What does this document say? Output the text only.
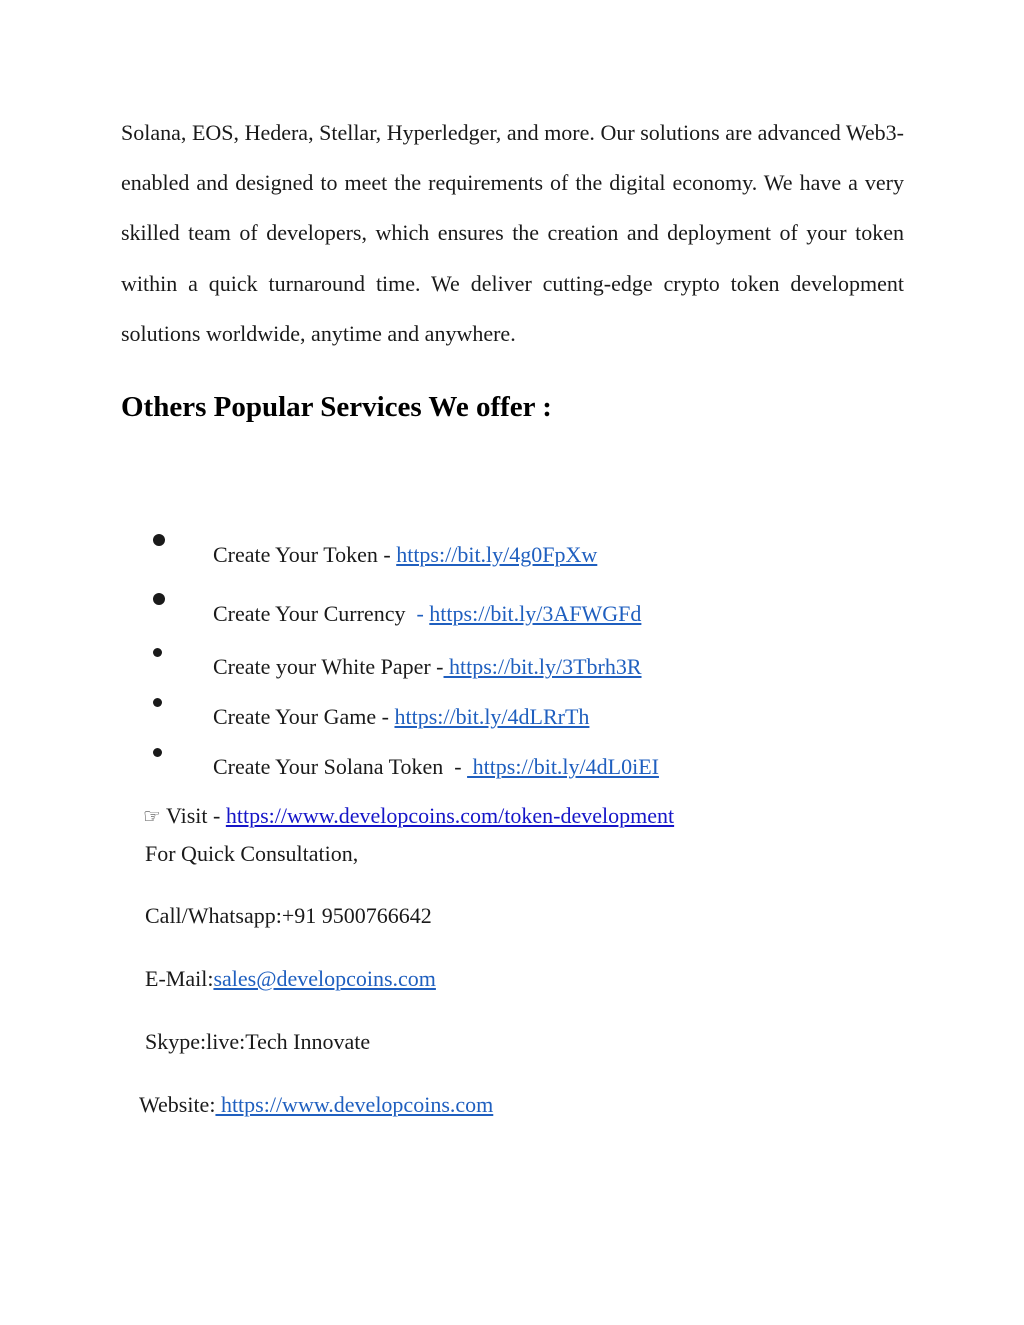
Solana, EOS, Hedera, Stellar, Hyperledger, and more. Our solutions are advanced Web3-enabled and designed to meet the requirements of the digital economy. We have a very skilled team of developers, which ensures the creation and deployment of your token within a quick turnaround time. We deliver cutting-edge crypto token development solutions worldwide, anytime and anywhere.

Others Popular Services We offer :

Create Your Token - https://bit.ly/4g0FpXw

Create Your Currency  - https://bit.ly/3AFWGFd

Create your White Paper - https://bit.ly/3Tbrh3R

Create Your Game - https://bit.ly/4dLRrTh

Create Your Solana Token  -  https://bit.ly/4dL0iEI

☞ Visit - https://www.developcoins.com/token-development

For Quick Consultation,
Call/Whatsapp:+91 9500766642
E-Mail:sales@developcoins.com
Skype:live:Tech Innovate
Website: https://www.developcoins.com
